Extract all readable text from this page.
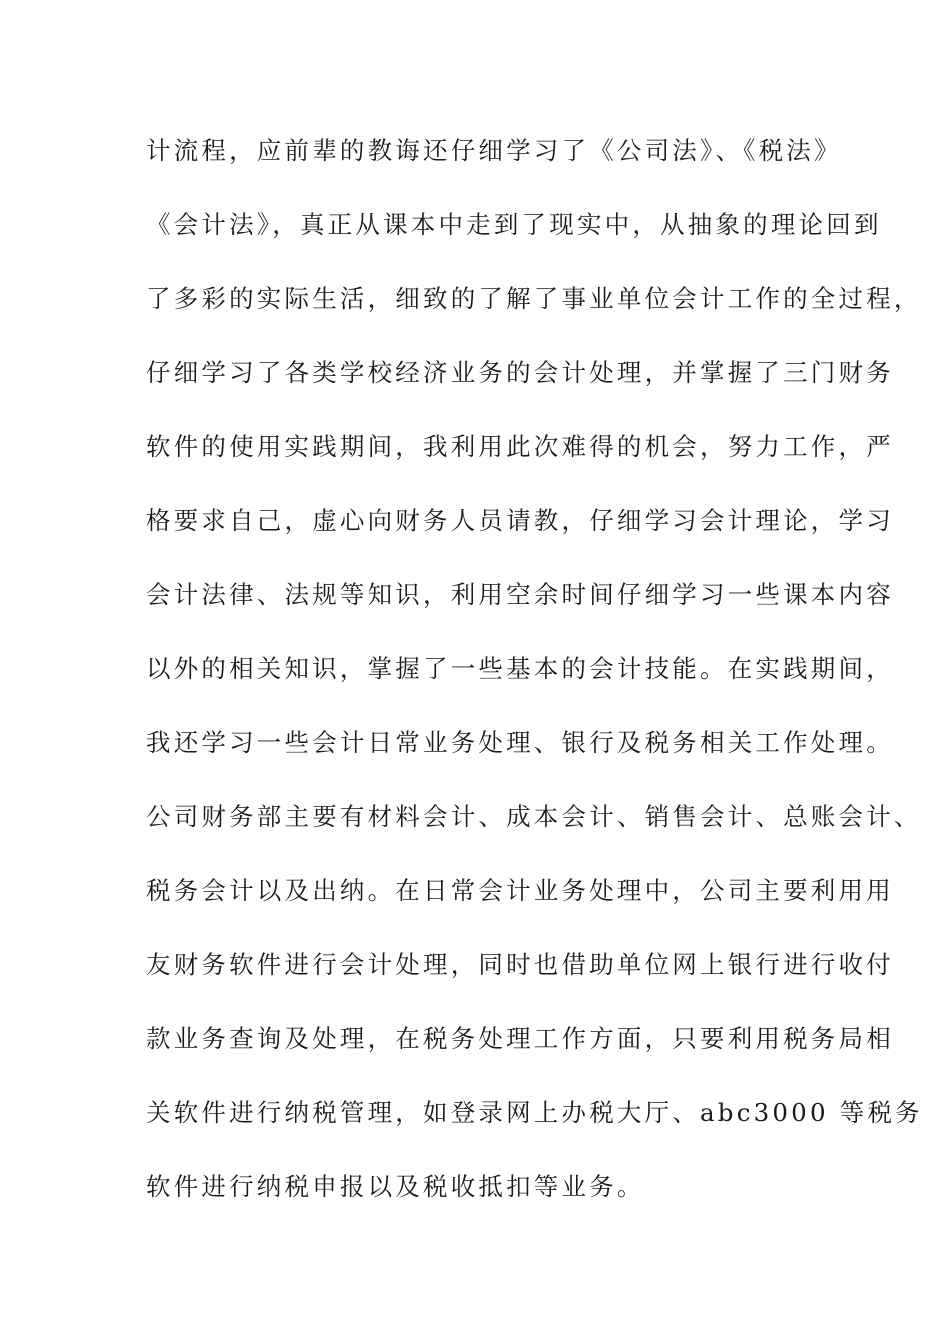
计流程，应前辈的教诲还仔细学习了《公司法》、《税法》
《会计法》，真正从课本中走到了现实中，从抽象的理论回到
了多彩的实际生活，细致的了解了事业单位会计工作的全过程，
仔细学习了各类学校经济业务的会计处理，并掌握了三门财务
软件的使用实践期间，我利用此次难得的机会，努力工作，严
格要求自己，虚心向财务人员请教，仔细学习会计理论，学习
会计法律、法规等知识，利用空余时间仔细学习一些课本内容
以外的相关知识，掌握了一些基本的会计技能。在实践期间，
我还学习一些会计日常业务处理、银行及税务相关工作处理。
公司财务部主要有材料会计、成本会计、销售会计、总账会计、
税务会计以及出纳。在日常会计业务处理中，公司主要利用用
友财务软件进行会计处理，同时也借助单位网上银行进行收付
款业务查询及处理，在税务处理工作方面，只要利用税务局相
关软件进行纳税管理，如登录网上办税大厅、abc3000 等税务
软件进行纳税申报以及税收抵扣等业务。
